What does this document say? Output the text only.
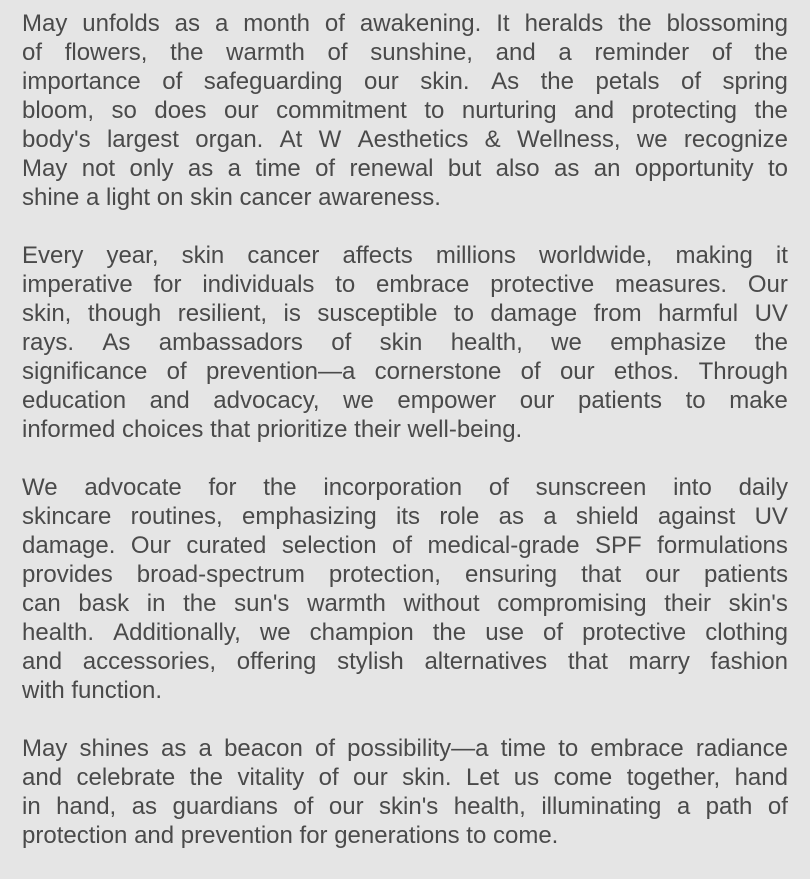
May unfolds as a month of awakening. It heralds the blossoming
of flowers, the warmth of sunshine, and a reminder of the
importance of safeguarding our skin. As the petals of spring
bloom, so does our commitment to nurturing and protecting the
body's largest organ. At W Aesthetics & Wellness, we recognize
May not only as a time of renewal but also as an opportunity to
shine a light on skin cancer awareness.
Every year, skin cancer affects millions worldwide, making it
imperative for individuals to embrace protective measures. Our
skin, though resilient, is susceptible to damage from harmful UV
rays. As ambassadors of skin health, we emphasize the
significance of prevention—a cornerstone of our ethos. Through
education and advocacy, we empower our patients to make
informed choices that prioritize their well-being.
We advocate for the incorporation of sunscreen into daily
skincare routines, emphasizing its role as a shield against UV
damage. Our curated selection of medical-grade SPF formulations
provides broad-spectrum protection, ensuring that our patients
can bask in the sun's warmth without compromising their skin's
health. Additionally, we champion the use of protective clothing
and accessories, offering stylish alternatives that marry fashion
with function.
May shines as a beacon of possibility—a time to embrace radiance
and celebrate the vitality of our skin. Let us come together, hand
in hand, as guardians of our skin's health, illuminating a path of
protection and prevention for generations to come.
